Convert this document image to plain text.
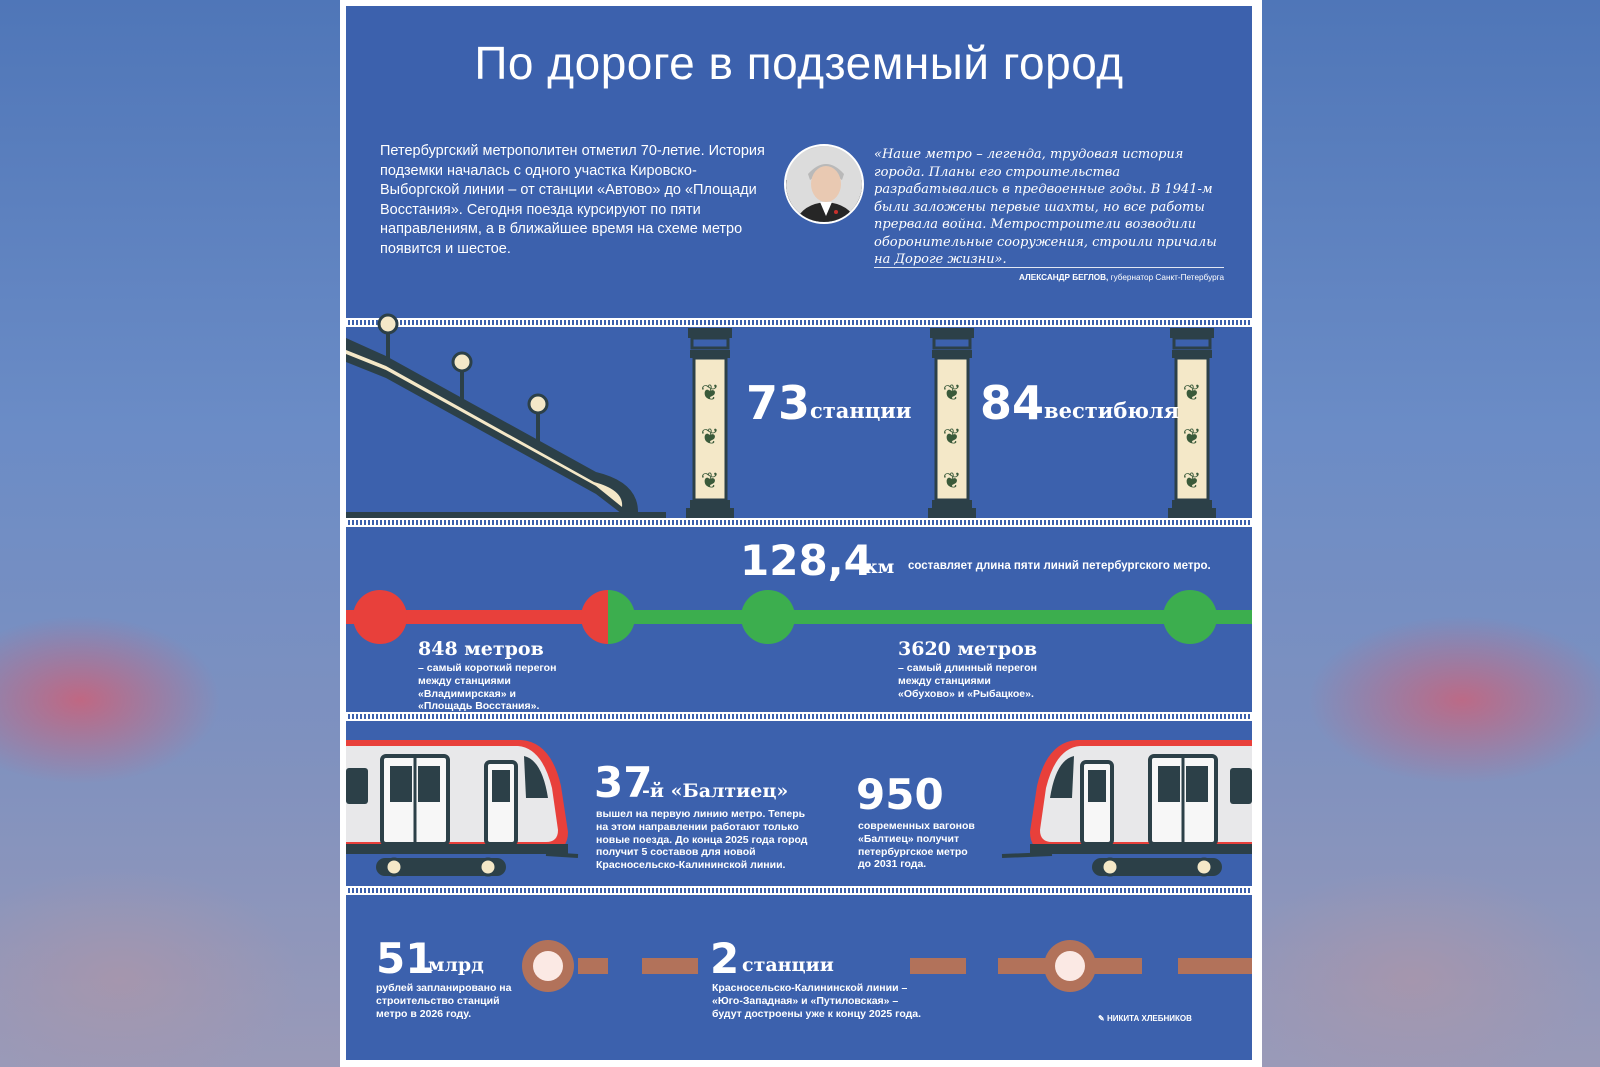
По дороге в подземный город

Петербургский метрополитен отметил 70-летие. История подземки началась с одного участка Кировско-Выборгской линии – от станции «Автово» до «Площади Восстания». Сегодня поезда курсируют по пяти направлениям, а в ближайшее время на схеме метро появится и шестое.

«Наше метро – легенда, трудовая история города. Планы его строительства разрабатывались в предвоенные годы. В 1941-м были заложены первые шахты, но все работы прервала война. Метростроители возводили оборонительные сооружения, строили причалы на Дороге жизни».

АЛЕКСАНДР БЕГЛОВ, губернатор Санкт-Петербурга

❦
❦
❦
❦
❦
❦
❦
❦
❦
73 станции 84 вестибюля
128,4
км составляет длина пяти линий петербургского метро.
848 метров
– самый короткий перегон между станциями «Владимирская» и «Площадь Восстания».
3620 метров
– самый длинный перегон между станциями «Обухово» и «Рыбацкое».
37
-й «Балтиец»
вышел на первую линию метро. Теперь на этом направлении работают только новые поезда. До конца 2025 года город получит 5 составов для новой Красносельско-Калининской линии.
950
современных вагонов «Балтиец» получит петербургское метро до 2031 года.
51
млрд
рублей запланировано на строительство станций метро в 2026 году.
2 станции
Красносельско-Калининской линии – «Юго-Западная» и «Путиловская» – будут достроены уже к концу 2025 года.	✎ НИКИТА ХЛЕБНИКОВ
